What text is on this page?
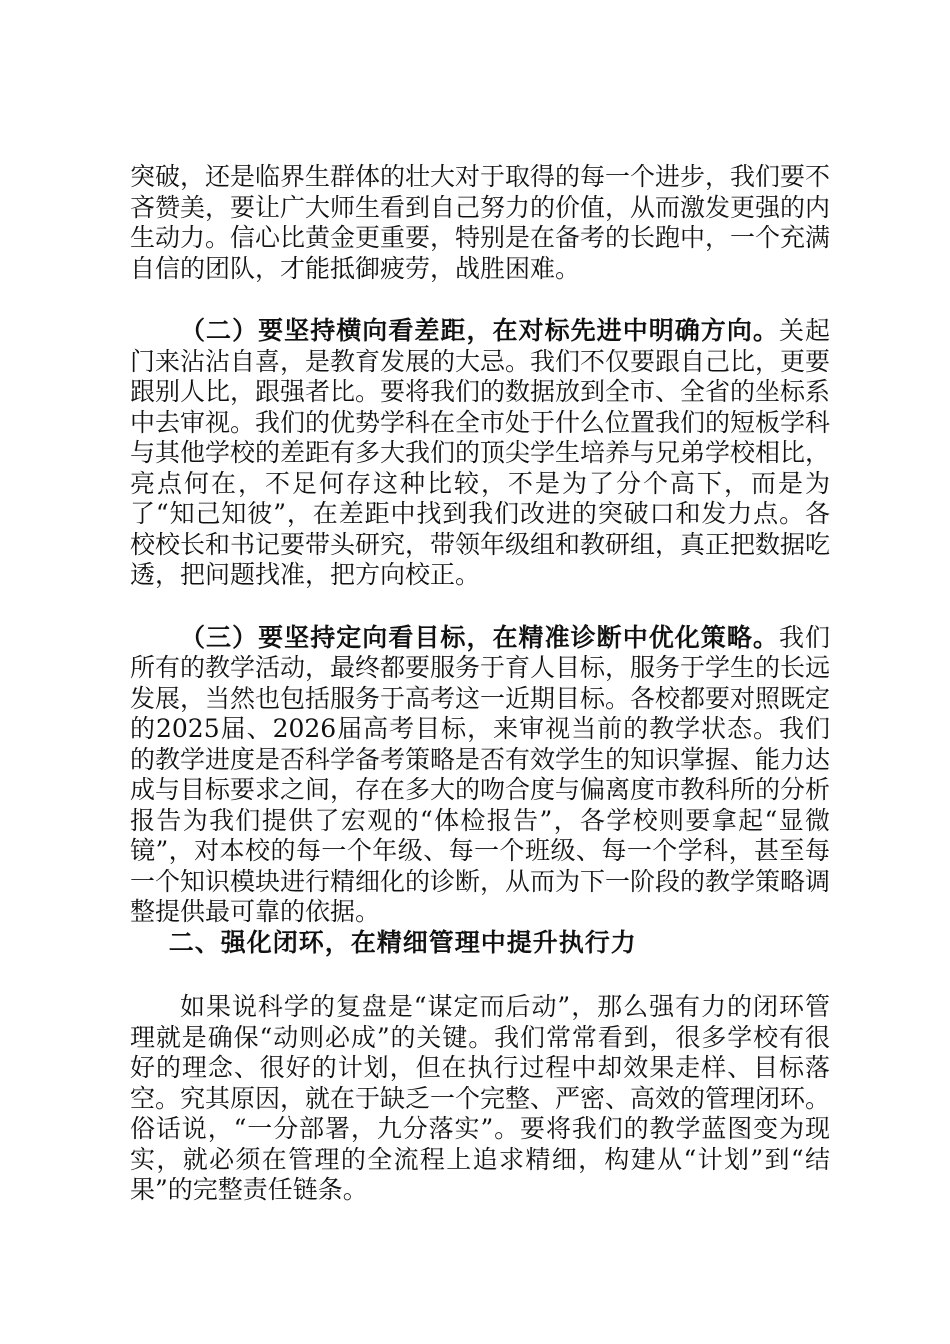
突破，还是临界生群体的壮大对于取得的每一个进步，我们要不吝赞美，要让广大师生看到自己努力的价值，从而激发更强的内生动力。信心比黄金更重要，特别是在备考的长跑中，一个充满自信的团队，才能抵御疲劳，战胜困难。

（二）要坚持横向看差距，在对标先进中明确方向。关起门来沾沾自喜，是教育发展的大忌。我们不仅要跟自己比，更要跟别人比，跟强者比。要将我们的数据放到全市、全省的坐标系中去审视。我们的优势学科在全市处于什么位置我们的短板学科与其他学校的差距有多大我们的顶尖学生培养与兄弟学校相比，亮点何在，不足何存这种比较，不是为了分个高下，而是为了“知己知彼”，在差距中找到我们改进的突破口和发力点。各校校长和书记要带头研究，带领年级组和教研组，真正把数据吃透，把问题找准，把方向校正。

（三）要坚持定向看目标，在精准诊断中优化策略。我们所有的教学活动，最终都要服务于育人目标，服务于学生的长远发展，当然也包括服务于高考这一近期目标。各校都要对照既定的2025届、2026届高考目标，来审视当前的教学状态。我们的教学进度是否科学备考策略是否有效学生的知识掌握、能力达成与目标要求之间，存在多大的吻合度与偏离度市教科所的分析报告为我们提供了宏观的“体检报告”，各学校则要拿起“显微镜”，对本校的每一个年级、每一个班级、每一个学科，甚至每一个知识模块进行精细化的诊断，从而为下一阶段的教学策略调整提供最可靠的依据。

二、强化闭环，在精细管理中提升执行力

如果说科学的复盘是“谋定而后动”，那么强有力的闭环管理就是确保“动则必成”的关键。我们常常看到，很多学校有很好的理念、很好的计划，但在执行过程中却效果走样、目标落空。究其原因，就在于缺乏一个完整、严密、高效的管理闭环。俗话说，“一分部署，九分落实”。要将我们的教学蓝图变为现实，就必须在管理的全流程上追求精细，构建从“计划”到“结果”的完整责任链条。
